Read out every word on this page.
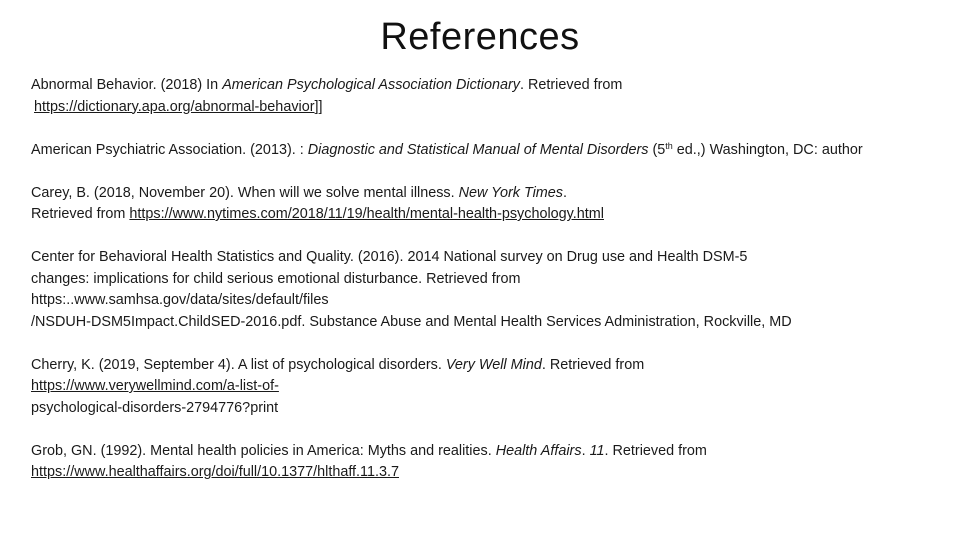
References

Abnormal Behavior. (2018) In American Psychological Association Dictionary. Retrieved from
https://dictionary.apa.org/abnormal-behavior]]

American Psychiatric Association. (2013). : Diagnostic and Statistical Manual of Mental Disorders (5th ed.,) Washington, DC: author

Carey, B. (2018, November 20). When will we solve mental illness. New York Times.
Retrieved from https://www.nytimes.com/2018/11/19/health/mental-health-psychology.html

Center for Behavioral Health Statistics and Quality. (2016). 2014 National survey on Drug use and Health DSM-5
changes: implications for child serious emotional disturbance. Retrieved from
https:..www.samhsa.gov/data/sites/default/files
/NSDUH-DSM5Impact.ChildSED-2016.pdf. Substance Abuse and Mental Health Services Administration, Rockville, MD

Cherry, K. (2019, September 4). A list of psychological disorders. Very Well Mind. Retrieved from
https://www.verywellmind.com/a-list-of-
psychological-disorders-2794776?print

Grob, GN. (1992). Mental health policies in America: Myths and realities. Health Affairs. 11. Retrieved from
https://www.healthaffairs.org/doi/full/10.1377/hlthaff.11.3.7
